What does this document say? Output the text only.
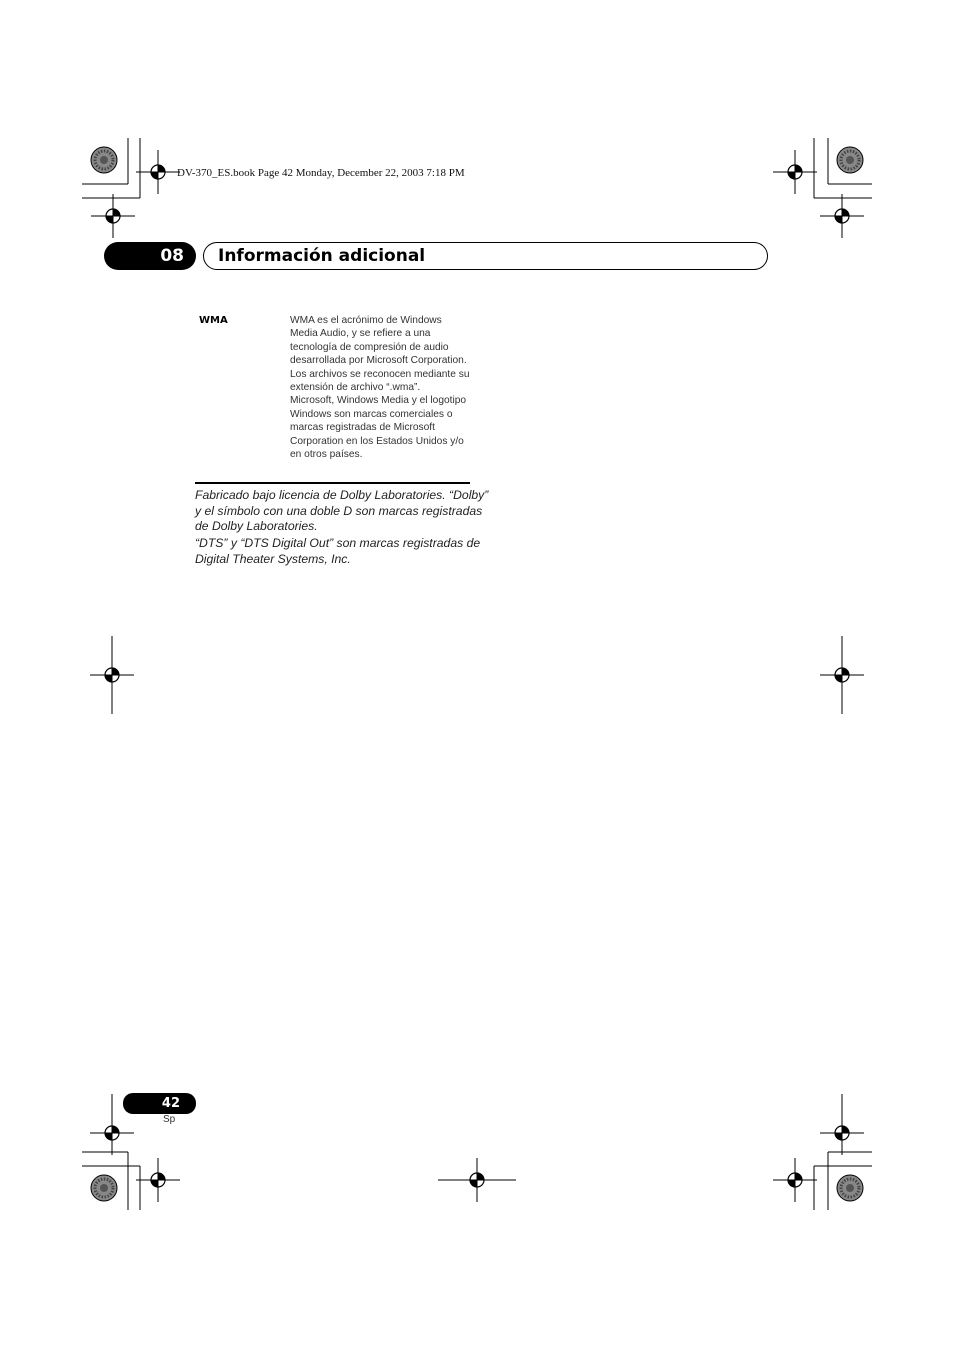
DV-370_ES.book Page 42 Monday, December 22, 2003 7:18 PM
08 Información adicional
WMA	WMA es el acrónimo de Windows Media Audio, y se refiere a una tecnología de compresión de audio desarrollada por Microsoft Corporation. Los archivos se reconocen mediante su extensión de archivo “.wma”.

Microsoft, Windows Media y el logotipo Windows son marcas comerciales o marcas registradas de Microsoft Corporation en los Estados Unidos y/o en otros países.

Fabricado bajo licencia de Dolby Laboratories. “Dolby” y el símbolo con una doble D son marcas registradas de Dolby Laboratories.

“DTS” y “DTS Digital Out” son marcas registradas de Digital Theater Systems, Inc.

42
Sp
